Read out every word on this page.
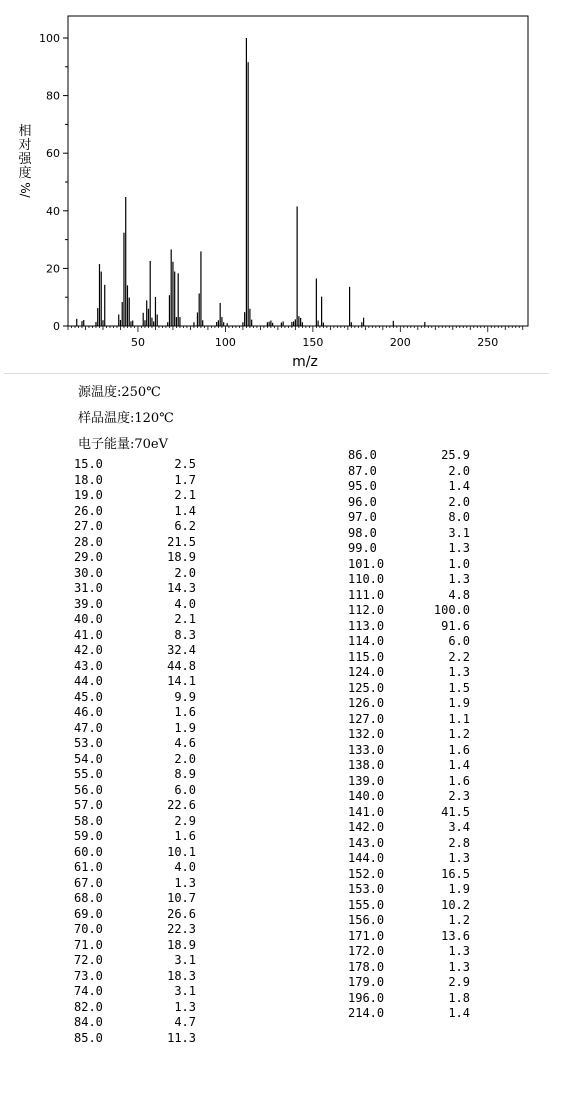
0
20
40
60
80
100
50	100	150	200	250
相
对
强
度
%/
m/z
源温度:250℃
样品温度:120℃
电子能量:70eV
15.0	2.5
18.0	1.7
19.0	2.1
26.0	1.4
27.0	6.2
28.0	21.5
29.0	18.9
30.0	2.0
31.0	14.3
39.0	4.0
40.0	2.1
41.0	8.3
42.0	32.4
43.0	44.8
44.0	14.1
45.0	9.9
46.0	1.6
47.0	1.9
53.0	4.6
54.0	2.0
55.0	8.9
56.0	6.0
57.0	22.6
58.0	2.9
59.0	1.6
60.0	10.1
61.0	4.0
67.0	1.3
68.0	10.7
69.0	26.6
70.0	22.3
71.0	18.9
72.0	3.1
73.0	18.3
74.0	3.1
82.0	1.3
84.0	4.7
85.0	11.3
86.0	25.9
87.0	2.0
95.0	1.4
96.0	2.0
97.0	8.0
98.0	3.1
99.0	1.3
101.0	1.0
110.0	1.3
111.0	4.8
112.0	100.0
113.0	91.6
114.0	6.0
115.0	2.2
124.0	1.3
125.0	1.5
126.0	1.9
127.0	1.1
132.0	1.2
133.0	1.6
138.0	1.4
139.0	1.6
140.0	2.3
141.0	41.5
142.0	3.4
143.0	2.8
144.0	1.3
152.0	16.5
153.0	1.9
155.0	10.2
156.0	1.2
171.0	13.6
172.0	1.3
178.0	1.3
179.0	2.9
196.0	1.8
214.0	1.4
